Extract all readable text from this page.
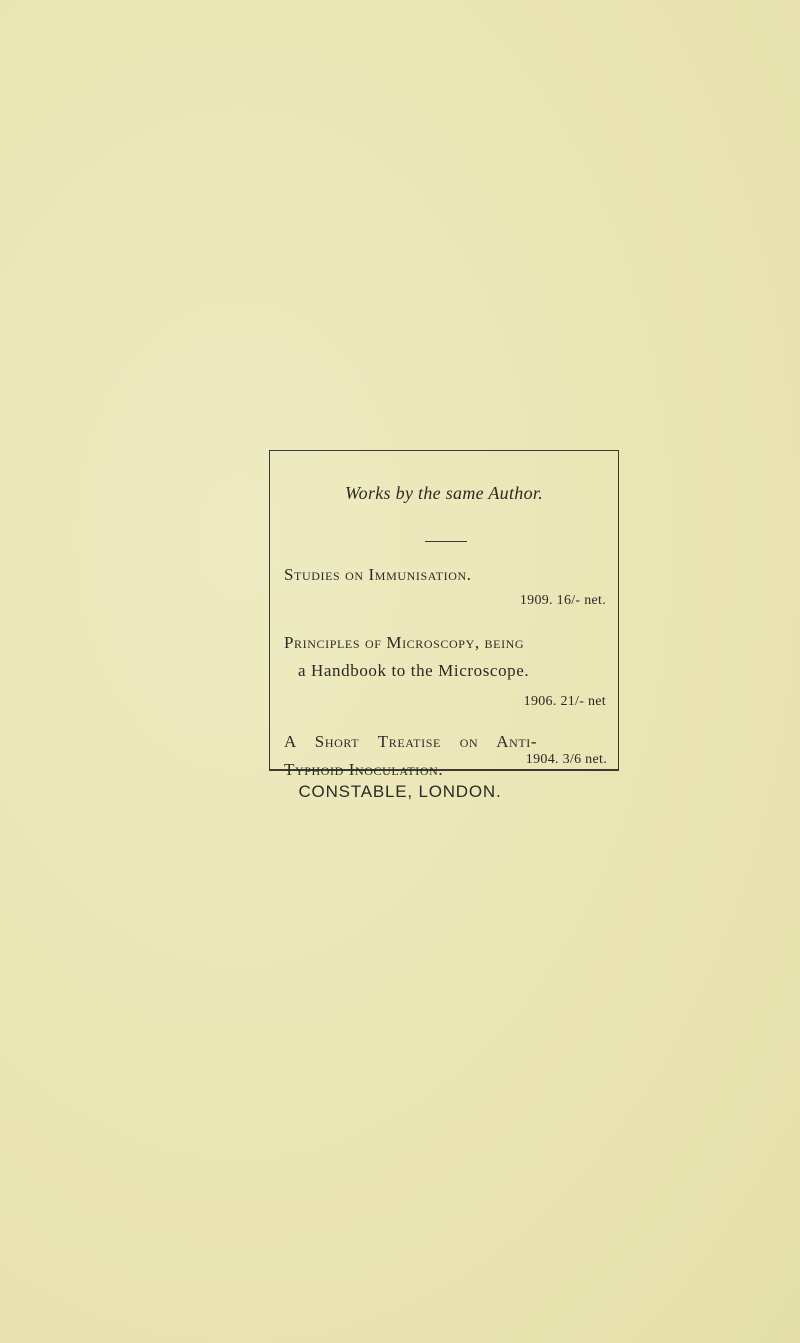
Works by the same Author.
Studies on Immunisation.
1909. 16/- net.
Principles of Microscopy, being
a Handbook to the Microscope.
1906. 21/- net
A Short Treatise on Anti-
Typhoid Inoculation.
1904. 3/6 net.
CONSTABLE, LONDON.
